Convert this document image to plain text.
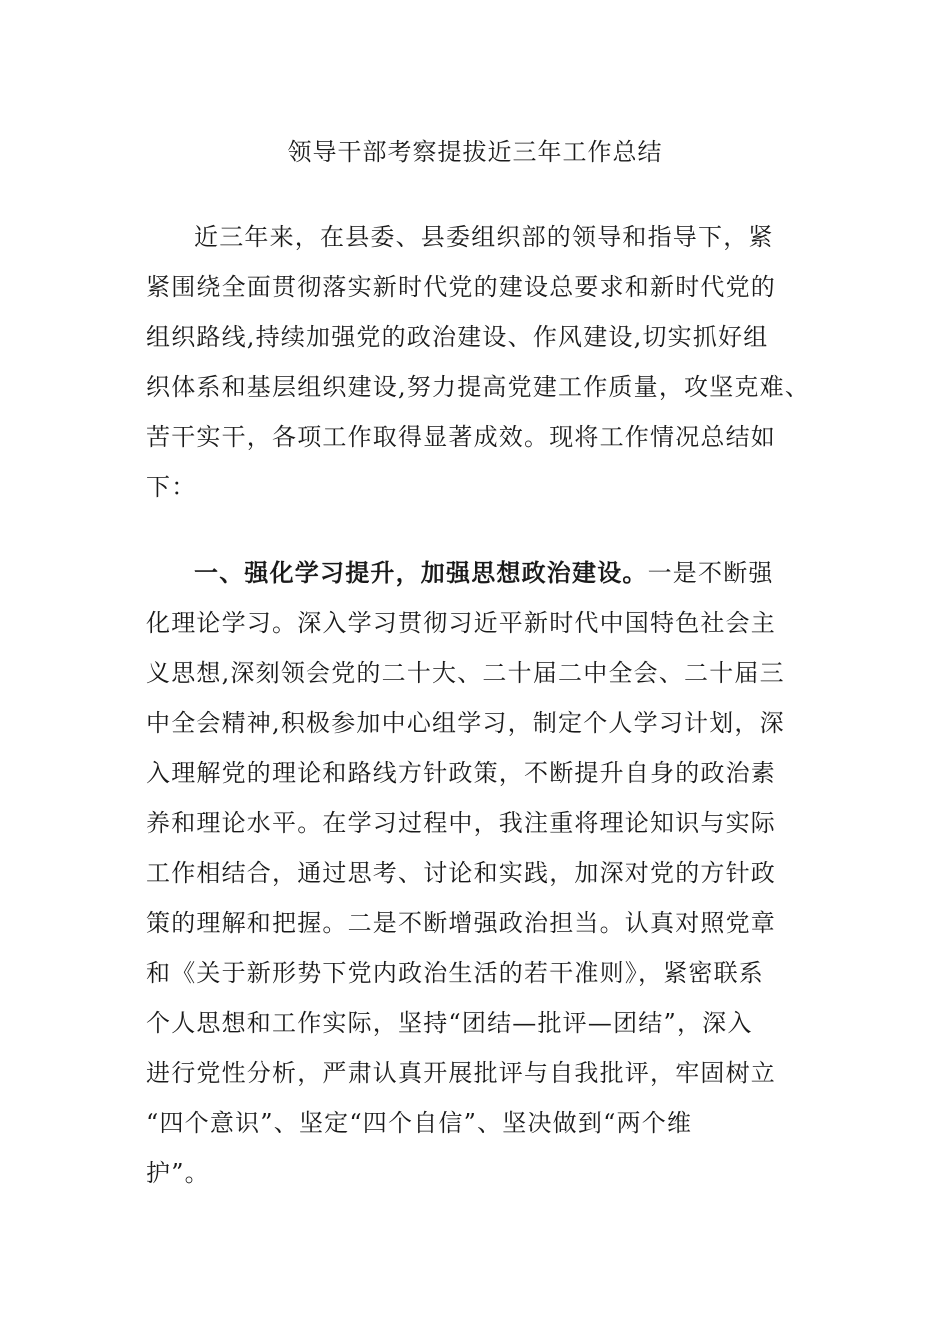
领导干部考察提拔近三年工作总结
近三年来，在县委、县委组织部的领导和指导下，紧
紧围绕全面贯彻落实新时代党的建设总要求和新时代党的
组织路线,持续加强党的政治建设、作风建设,切实抓好组
织体系和基层组织建设,努力提高党建工作质量，攻坚克难、
苦干实干，各项工作取得显著成效。现将工作情况总结如
下：
一、强化学习提升，加强思想政治建设。一是不断强
化理论学习。深入学习贯彻习近平新时代中国特色社会主
义思想,深刻领会党的二十大、二十届二中全会、二十届三
中全会精神,积极参加中心组学习，制定个人学习计划，深
入理解党的理论和路线方针政策，不断提升自身的政治素
养和理论水平。在学习过程中，我注重将理论知识与实际
工作相结合，通过思考、讨论和实践，加深对党的方针政
策的理解和把握。二是不断增强政治担当。认真对照党章
和《关于新形势下党内政治生活的若干准则》，紧密联系
个人思想和工作实际，坚持“团结—批评—团结”，深入
进行党性分析，严肃认真开展批评与自我批评，牢固树立
“四个意识”、坚定“四个自信”、坚决做到“两个维
护”。
